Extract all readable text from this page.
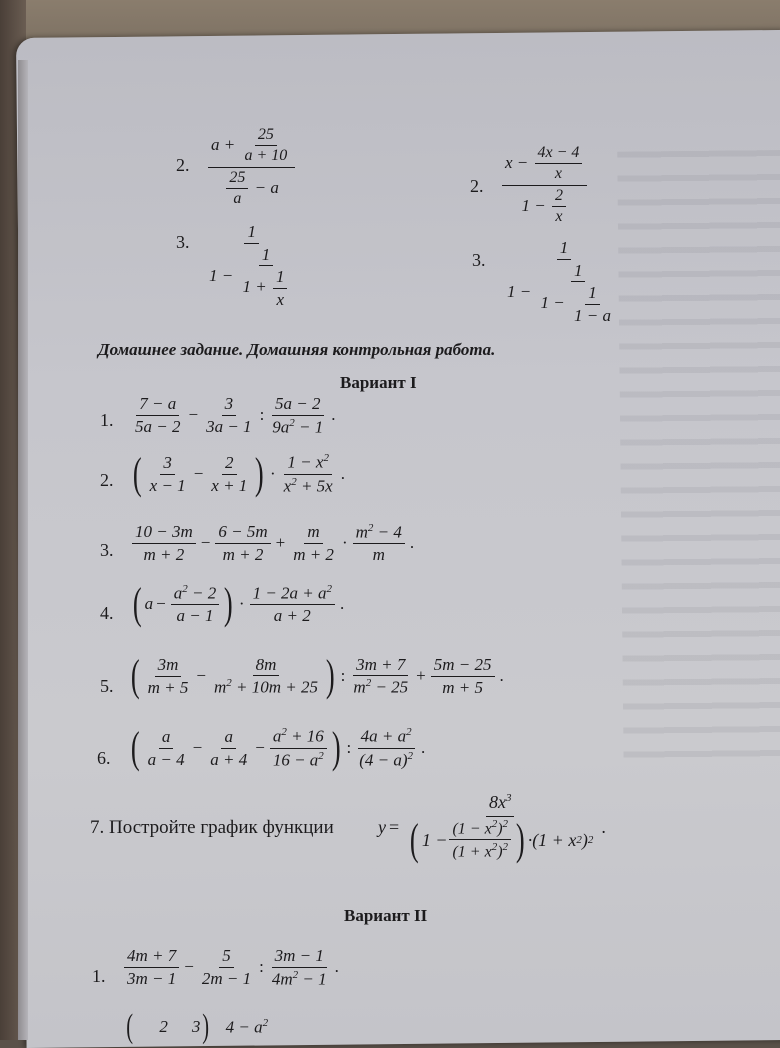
2. $\frac{a + \frac{25}{a + 10}}{\frac{25}{a} - a}$
3. $\frac{1}{1 - \frac{1}{1 + \frac{1}{x}}}$
2. $\frac{x - \frac{4x - 4}{x}}{1 - \frac{2}{x}}$
3. $\frac{1}{1 - \frac{1}{1 - \frac{1}{1 - a}}}$
Домашнее задание. Домашняя контрольная работа.
Вариант I
1. $\frac{7 - a}{5a - 2} - \frac{3}{3a - 1}$ : $\frac{5a - 2}{9a^2 - 1}$ .
2. ( $\frac{3}{x - 1} - \frac{2}{x + 1}$ ) · $\frac{1 - x^2}{x^2 + 5x}$ .
3. $\frac{10 - 3m}{m + 2} - \frac{6 - 5m}{m + 2} + \frac{m}{m + 2} \cdot \frac{m^2 - 4}{m}$ .
4. ( $a - \frac{a^2 - 2}{a - 1}$ ) · $\frac{1 - 2a + a^2}{a + 2}$ .
5. ( $\frac{3m}{m + 5} - \frac{8m}{m^2 + 10m + 25}$ ) : $\frac{3m + 7}{m^2 - 25} + \frac{5m - 25}{m + 5}$ .
6. ( $\frac{a}{a - 4} - \frac{a}{a + 4} - \frac{a^2 + 16}{16 - a^2}$ ) : $\frac{4a + a^2}{(4 - a)^2}$ .
7. Постройте график функции $y = \frac{8x^3}{( 1 - \frac{(1 - x^2)^2}{(1 + x^2)^2} ) \cdot(1 + x 2 ) 2}$ .
Вариант II
1. $\frac{4m + 7}{3m - 1} - \frac{5}{2m - 1}$ : $\frac{3m - 1}{4m^2 - 1}$ .
( 2 3 ) $4 - a^2$
